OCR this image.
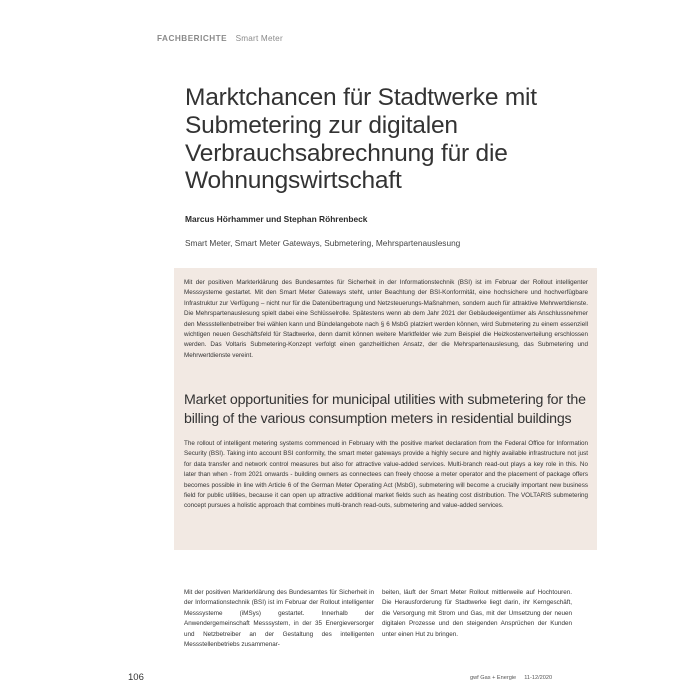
FACHBERICHTE Smart Meter
Marktchancen für Stadtwerke mit Submetering zur digitalen Verbrauchsabrechnung für die Wohnungswirtschaft
Marcus Hörhammer und Stephan Röhrenbeck
Smart Meter, Smart Meter Gateways, Submetering, Mehrspartenauslesung

Mit der positiven Markterklärung des Bundesamtes für Sicherheit in der Informationstechnik (BSI) ist im Februar der Rollout intelligenter Messsysteme gestartet. Mit den Smart Meter Gateways steht, unter Beachtung der BSI-Konformität, eine hochsichere und hochverfügbare Infrastruktur zur Verfügung – nicht nur für die Datenübertragung und Netzsteuerungs-Maßnahmen, sondern auch für attraktive Mehrwertdienste. Die Mehrspartenauslesung spielt dabei eine Schlüsselrolle. Spätestens wenn ab dem Jahr 2021 der Gebäudeeigentümer als Anschlussnehmer den Messstellenbetreiber frei wählen kann und Bündelangebote nach § 6 MsbG platziert werden können, wird Submetering zu einem essenziell wichtigen neuen Geschäftsfeld für Stadtwerke, denn damit können weitere Marktfelder wie zum Beispiel die Heizkostenverteilung erschlossen werden. Das Voltaris Submetering-Konzept verfolgt einen ganzheitlichen Ansatz, der die Mehrspartenauslesung, das Submetering und Mehrwertdienste vereint.

Market opportunities for municipal utilities with submetering for the billing of the various consumption meters in residential buildings

The rollout of intelligent metering systems commenced in February with the positive market declaration from the Federal Office for Information Security (BSI). Taking into account BSI conformity, the smart meter gateways provide a highly secure and highly available infrastructure not just for data transfer and network control measures but also for attractive value-added services. Multi-branch read-out plays a key role in this. No later than when - from 2021 onwards - building owners as connectees can freely choose a meter operator and the placement of package offers becomes possible in line with Article 6 of the German Meter Operating Act (MsbG), submetering will become a crucially important new business field for public utilities, because it can open up attractive additional market fields such as heating cost distribution. The VOLTARIS submetering concept pursues a holistic approach that combines multi-branch read-outs, submetering and value-added services.

Mit der positiven Markterklärung des Bundesamtes für Sicherheit in der Informationstechnik (BSI) ist im Februar der Rollout intelligenter Messsysteme (iMSys) gestartet. Innerhalb der Anwendergemeinschaft Messsystem, in der 35 Energieversorger und Netzbetreiber an der Gestaltung des intelligenten Messstellenbetriebs zusammenar-

beiten, läuft der Smart Meter Rollout mittlerweile auf Hochtouren. Die Herausforderung für Stadtwerke liegt darin, ihr Kerngeschäft, die Versorgung mit Strom und Gas, mit der Umsetzung der neuen digitalen Prozesse und den steigenden Ansprüchen der Kunden unter einen Hut zu bringen.

106	gwf Gas + Energie 11-12/2020
